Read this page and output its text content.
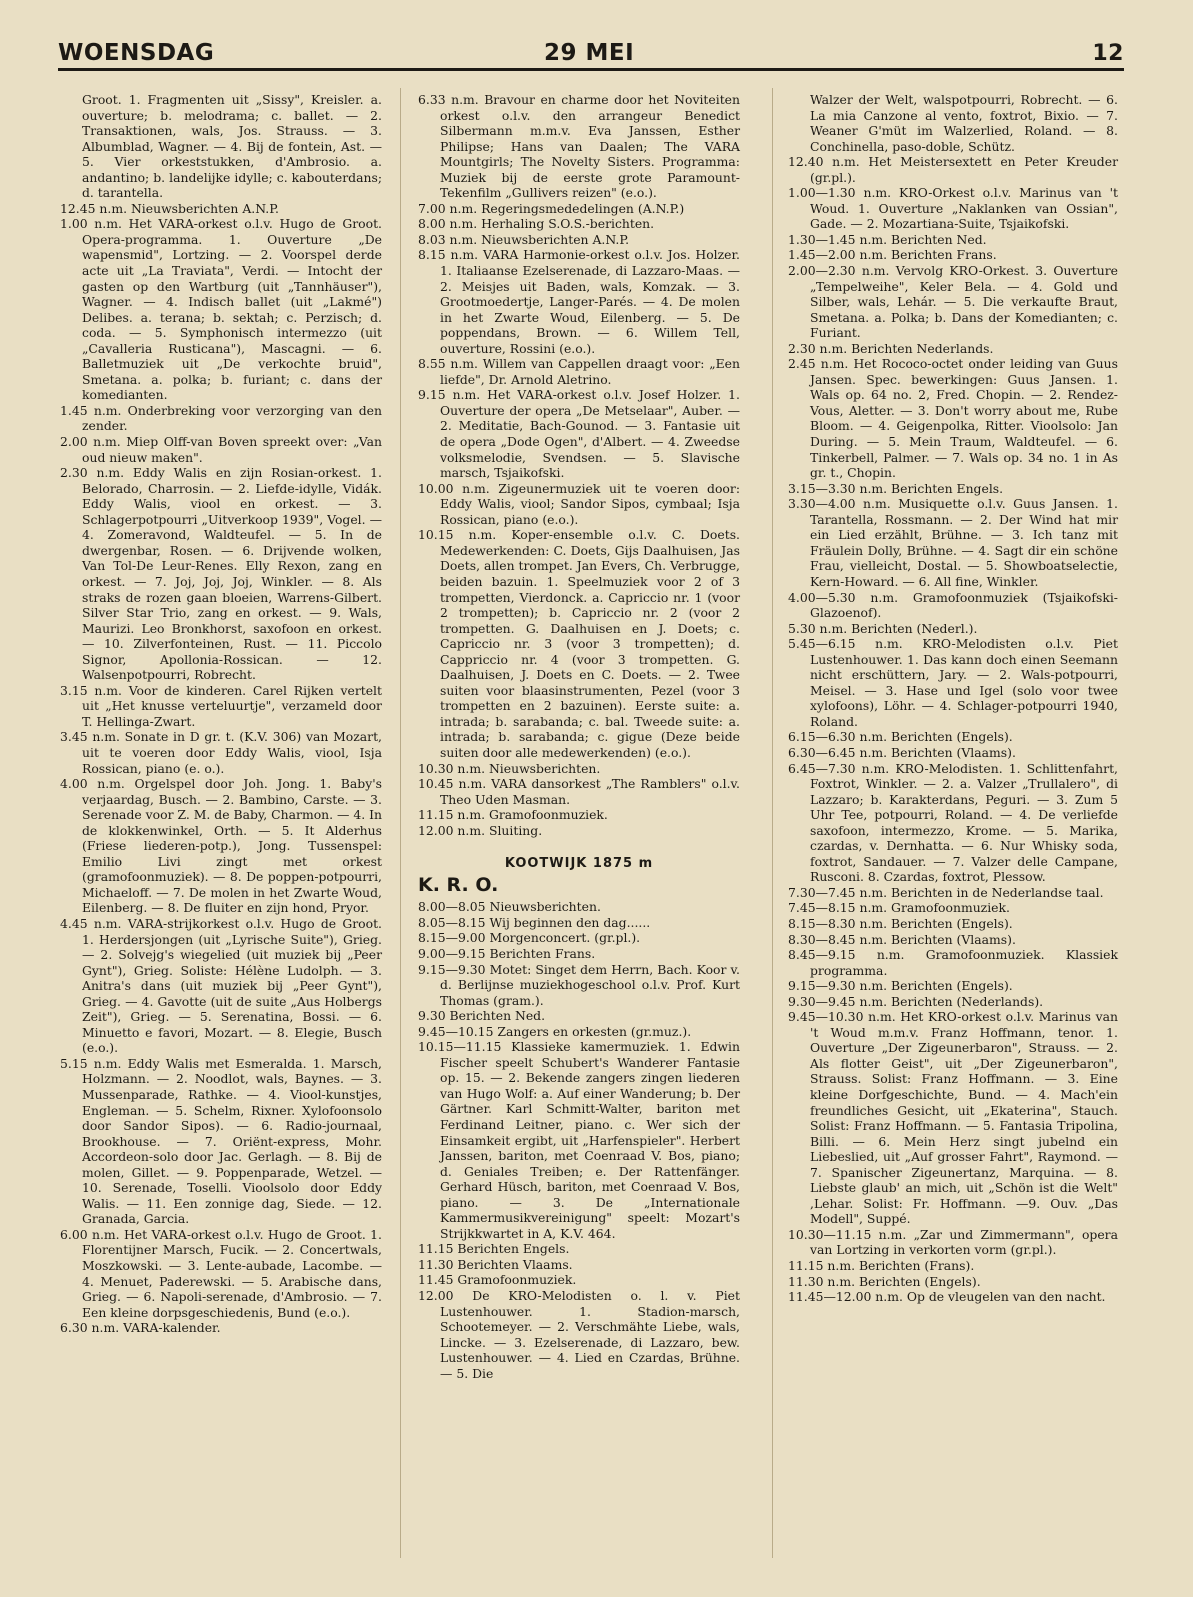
WOENSDAG	29 MEI	12

Groot. 1. Fragmenten uit „Sissy", Kreisler. a. ouverture; b. melodrama; c. ballet. — 2. Transaktionen, wals, Jos. Strauss. — 3. Albumblad, Wagner. — 4. Bij de fontein, Ast. — 5. Vier orkeststukken, d'Ambrosio. a. andantino; b. landelijke idylle; c. kabouterdans; d. tarantella.

12.45 n.m. Nieuwsberichten A.N.P.

1.00 n.m. Het VARA-orkest o.l.v. Hugo de Groot. Opera-programma. 1. Ouverture „De wapensmid", Lortzing. — 2. Voorspel derde acte uit „La Traviata", Verdi. — Intocht der gasten op den Wartburg (uit „Tannhäuser"), Wagner. — 4. Indisch ballet (uit „Lakmé") Delibes. a. terana; b. sektah; c. Perzisch; d. coda. — 5. Symphonisch intermezzo (uit „Cavalleria Rusticana"), Mascagni. — 6. Balletmuziek uit „De verkochte bruid", Smetana. a. polka; b. furiant; c. dans der komedianten.

1.45 n.m. Onderbreking voor verzorging van den zender.

2.00 n.m. Miep Olff-van Boven spreekt over: „Van oud nieuw maken".

2.30 n.m. Eddy Walis en zijn Rosian-orkest. 1. Belorado, Charrosin. — 2. Liefde-idylle, Vidák. Eddy Walis, viool en orkest. — 3. Schlagerpotpourri „Uitverkoop 1939", Vogel. — 4. Zomeravond, Waldteufel. — 5. In de dwergenbar, Rosen. — 6. Drijvende wolken, Van Tol-De Leur-Renes. Elly Rexon, zang en orkest. — 7. Joj, Joj, Joj, Winkler. — 8. Als straks de rozen gaan bloeien, Warrens-Gilbert. Silver Star Trio, zang en orkest. — 9. Wals, Maurizi. Leo Bronkhorst, saxofoon en orkest. — 10. Zilverfonteinen, Rust. — 11. Piccolo Signor, Apollonia-Rossican. — 12. Walsenpotpourri, Robrecht.

3.15 n.m. Voor de kinderen. Carel Rijken vertelt uit „Het knusse verteluurtje", verzameld door T. Hellinga-Zwart.

3.45 n.m. Sonate in D gr. t. (K.V. 306) van Mozart, uit te voeren door Eddy Walis, viool, Isja Rossican, piano (e. o.).

4.00 n.m. Orgelspel door Joh. Jong. 1. Baby's verjaardag, Busch. — 2. Bambino, Carste. — 3. Serenade voor Z. M. de Baby, Charmon. — 4. In de klokkenwinkel, Orth. — 5. It Alderhus (Friese liederen-potp.), Jong. Tussenspel: Emilio Livi zingt met orkest (gramofoonmuziek). — 8. De poppen-potpourri, Michaeloff. — 7. De molen in het Zwarte Woud, Eilenberg. — 8. De fluiter en zijn hond, Pryor.

4.45 n.m. VARA-strijkorkest o.l.v. Hugo de Groot. 1. Herdersjongen (uit „Lyrische Suite"), Grieg. — 2. Solvejg's wiegelied (uit muziek bij „Peer Gynt"), Grieg. Soliste: Hélène Ludolph. — 3. Anitra's dans (uit muziek bij „Peer Gynt"), Grieg. — 4. Gavotte (uit de suite „Aus Holbergs Zeit"), Grieg. — 5. Serenatina, Bossi. — 6. Minuetto e favori, Mozart. — 8. Elegie, Busch (e.o.).

5.15 n.m. Eddy Walis met Esmeralda. 1. Marsch, Holzmann. — 2. Noodlot, wals, Baynes. — 3. Mussenparade, Rathke. — 4. Viool-kunstjes, Engleman. — 5. Schelm, Rixner. Xylofoonsolo door Sandor Sipos). — 6. Radio-journaal, Brookhouse. — 7. Oriënt-express, Mohr. Accordeon-solo door Jac. Gerlagh. — 8. Bij de molen, Gillet. — 9. Poppenparade, Wetzel. — 10. Serenade, Toselli. Vioolsolo door Eddy Walis. — 11. Een zonnige dag, Siede. — 12. Granada, Garcia.

6.00 n.m. Het VARA-orkest o.l.v. Hugo de Groot. 1. Florentijner Marsch, Fucik. — 2. Concertwals, Moszkowski. — 3. Lente-aubade, Lacombe. — 4. Menuet, Paderewski. — 5. Arabische dans, Grieg. — 6. Napoli-serenade, d'Ambrosio. — 7. Een kleine dorpsgeschiedenis, Bund (e.o.).

6.30 n.m. VARA-kalender.

6.33 n.m. Bravour en charme door het Noviteiten orkest o.l.v. den arrangeur Benedict Silbermann m.m.v. Eva Janssen, Esther Philipse; Hans van Daalen; The VARA Mountgirls; The Novelty Sisters. Programma: Muziek bij de eerste grote Paramount-Tekenfilm „Gullivers reizen" (e.o.).

7.00 n.m. Regeringsmededelingen (A.N.P.)

8.00 n.m. Herhaling S.O.S.-berichten.

8.03 n.m. Nieuwsberichten A.N.P.

8.15 n.m. VARA Harmonie-orkest o.l.v. Jos. Holzer. 1. Italiaanse Ezelserenade, di Lazzaro-Maas. — 2. Meisjes uit Baden, wals, Komzak. — 3. Grootmoedertje, Langer-Parés. — 4. De molen in het Zwarte Woud, Eilenberg. — 5. De poppendans, Brown. — 6. Willem Tell, ouverture, Rossini (e.o.).

8.55 n.m. Willem van Cappellen draagt voor: „Een liefde", Dr. Arnold Aletrino.

9.15 n.m. Het VARA-orkest o.l.v. Josef Holzer. 1. Ouverture der opera „De Metselaar", Auber. — 2. Meditatie, Bach-Gounod. — 3. Fantasie uit de opera „Dode Ogen", d'Albert. — 4. Zweedse volksmelodie, Svendsen. — 5. Slavische marsch, Tsjaikofski.

10.00 n.m. Zigeunermuziek uit te voeren door: Eddy Walis, viool; Sandor Sipos, cymbaal; Isja Rossican, piano (e.o.).

10.15 n.m. Koper-ensemble o.l.v. C. Doets. Medewerkenden: C. Doets, Gijs Daalhuisen, Jas Doets, allen trompet. Jan Evers, Ch. Verbrugge, beiden bazuin. 1. Speelmuziek voor 2 of 3 trompetten, Vierdonck. a. Capriccio nr. 1 (voor 2 trompetten); b. Capriccio nr. 2 (voor 2 trompetten. G. Daalhuisen en J. Doets; c. Capriccio nr. 3 (voor 3 trompetten); d. Cappriccio nr. 4 (voor 3 trompetten. G. Daalhuisen, J. Doets en C. Doets. — 2. Twee suiten voor blaasinstrumenten, Pezel (voor 3 trompetten en 2 bazuinen). Eerste suite: a. intrada; b. sarabanda; c. bal. Tweede suite: a. intrada; b. sarabanda; c. gigue (Deze beide suiten door alle medewerkenden) (e.o.).

10.30 n.m. Nieuwsberichten.

10.45 n.m. VARA dansorkest „The Ramblers" o.l.v. Theo Uden Masman.

11.15 n.m. Gramofoonmuziek.

12.00 n.m. Sluiting.

KOOTWIJK 1875 m
K. R. O.

8.00—8.05 Nieuwsberichten.

8.05—8.15 Wij beginnen den dag......

8.15—9.00 Morgenconcert. (gr.pl.).

9.00—9.15 Berichten Frans.

9.15—9.30 Motet: Singet dem Herrn, Bach. Koor v. d. Berlijnse muziekhogeschool o.l.v. Prof. Kurt Thomas (gram.).

9.30 Berichten Ned.

9.45—10.15 Zangers en orkesten (gr.muz.).

10.15—11.15 Klassieke kamermuziek. 1. Edwin Fischer speelt Schubert's Wanderer Fantasie op. 15. — 2. Bekende zangers zingen liederen van Hugo Wolf: a. Auf einer Wanderung; b. Der Gärtner. Karl Schmitt-Walter, bariton met Ferdinand Leitner, piano. c. Wer sich der Einsamkeit ergibt, uit „Harfenspieler". Herbert Janssen, bariton, met Coenraad V. Bos, piano; d. Geniales Treiben; e. Der Rattenfänger. Gerhard Hüsch, bariton, met Coenraad V. Bos, piano. — 3. De „Internationale Kammermusikvereinigung" speelt: Mozart's Strijkkwartet in A, K.V. 464.

11.15 Berichten Engels.

11.30 Berichten Vlaams.

11.45 Gramofoonmuziek.

12.00 De KRO-Melodisten o. l. v. Piet Lustenhouwer. 1. Stadion-marsch, Schootemeyer. — 2. Verschmähte Liebe, wals, Lincke. — 3. Ezelserenade, di Lazzaro, bew. Lustenhouwer. — 4. Lied en Czardas, Brühne. — 5. Die

Walzer der Welt, walspotpourri, Robrecht. — 6. La mia Canzone al vento, foxtrot, Bixio. — 7. Weaner G'müt im Walzerlied, Roland. — 8. Conchinella, paso-doble, Schütz.

12.40 n.m. Het Meistersextett en Peter Kreuder (gr.pl.).

1.00—1.30 n.m. KRO-Orkest o.l.v. Marinus van 't Woud. 1. Ouverture „Naklanken van Ossian", Gade. — 2. Mozartiana-Suite, Tsjaikofski.

1.30—1.45 n.m. Berichten Ned.

1.45—2.00 n.m. Berichten Frans.

2.00—2.30 n.m. Vervolg KRO-Orkest. 3. Ouverture „Tempelweihe", Keler Bela. — 4. Gold und Silber, wals, Lehár. — 5. Die verkaufte Braut, Smetana. a. Polka; b. Dans der Komedianten; c. Furiant.

2.30 n.m. Berichten Nederlands.

2.45 n.m. Het Rococo-octet onder leiding van Guus Jansen. Spec. bewerkingen: Guus Jansen. 1. Wals op. 64 no. 2, Fred. Chopin. — 2. Rendez-Vous, Aletter. — 3. Don't worry about me, Rube Bloom. — 4. Geigenpolka, Ritter. Vioolsolo: Jan During. — 5. Mein Traum, Waldteufel. — 6. Tinkerbell, Palmer. — 7. Wals op. 34 no. 1 in As gr. t., Chopin.

3.15—3.30 n.m. Berichten Engels.

3.30—4.00 n.m. Musiquette o.l.v. Guus Jansen. 1. Tarantella, Rossmann. — 2. Der Wind hat mir ein Lied erzählt, Brühne. — 3. Ich tanz mit Fräulein Dolly, Brühne. — 4. Sagt dir ein schöne Frau, vielleicht, Dostal. — 5. Showboatselectie, Kern-Howard. — 6. All fine, Winkler.

4.00—5.30 n.m. Gramofoonmuziek (Tsjaikofski-Glazoenof).

5.30 n.m. Berichten (Nederl.).

5.45—6.15 n.m. KRO-Melodisten o.l.v. Piet Lustenhouwer. 1. Das kann doch einen Seemann nicht erschüttern, Jary. — 2. Wals-potpourri, Meisel. — 3. Hase und Igel (solo voor twee xylofoons), Löhr. — 4. Schlager-potpourri 1940, Roland.

6.15—6.30 n.m. Berichten (Engels).

6.30—6.45 n.m. Berichten (Vlaams).

6.45—7.30 n.m. KRO-Melodisten. 1. Schlittenfahrt, Foxtrot, Winkler. — 2. a. Valzer „Trullalero", di Lazzaro; b. Karakterdans, Peguri. — 3. Zum 5 Uhr Tee, potpourri, Roland. — 4. De verliefde saxofoon, intermezzo, Krome. — 5. Marika, czardas, v. Dernhatta. — 6. Nur Whisky soda, foxtrot, Sandauer. — 7. Valzer delle Campane, Rusconi. 8. Czardas, foxtrot, Plessow.

7.30—7.45 n.m. Berichten in de Nederlandse taal.

7.45—8.15 n.m. Gramofoonmuziek.

8.15—8.30 n.m. Berichten (Engels).

8.30—8.45 n.m. Berichten (Vlaams).

8.45—9.15 n.m. Gramofoonmuziek. Klassiek programma.

9.15—9.30 n.m. Berichten (Engels).

9.30—9.45 n.m. Berichten (Nederlands).

9.45—10.30 n.m. Het KRO-orkest o.l.v. Marinus van 't Woud m.m.v. Franz Hoffmann, tenor. 1. Ouverture „Der Zigeunerbaron", Strauss. — 2. Als flotter Geist", uit „Der Zigeunerbaron", Strauss. Solist: Franz Hoffmann. — 3. Eine kleine Dorfgeschichte, Bund. — 4. Mach'ein freundliches Gesicht, uit „Ekaterina", Stauch. Solist: Franz Hoffmann. — 5. Fantasia Tripolina, Billi. — 6. Mein Herz singt jubelnd ein Liebeslied, uit „Auf grosser Fahrt", Raymond. — 7. Spanischer Zigeunertanz, Marquina. — 8. Liebste glaub' an mich, uit „Schön ist die Welt" ,Lehar. Solist: Fr. Hoffmann. —9. Ouv. „Das Modell", Suppé.

10.30—11.15 n.m. „Zar und Zimmermann", opera van Lortzing in verkorten vorm (gr.pl.).

11.15 n.m. Berichten (Frans).

11.30 n.m. Berichten (Engels).

11.45—12.00 n.m. Op de vleugelen van den nacht.
